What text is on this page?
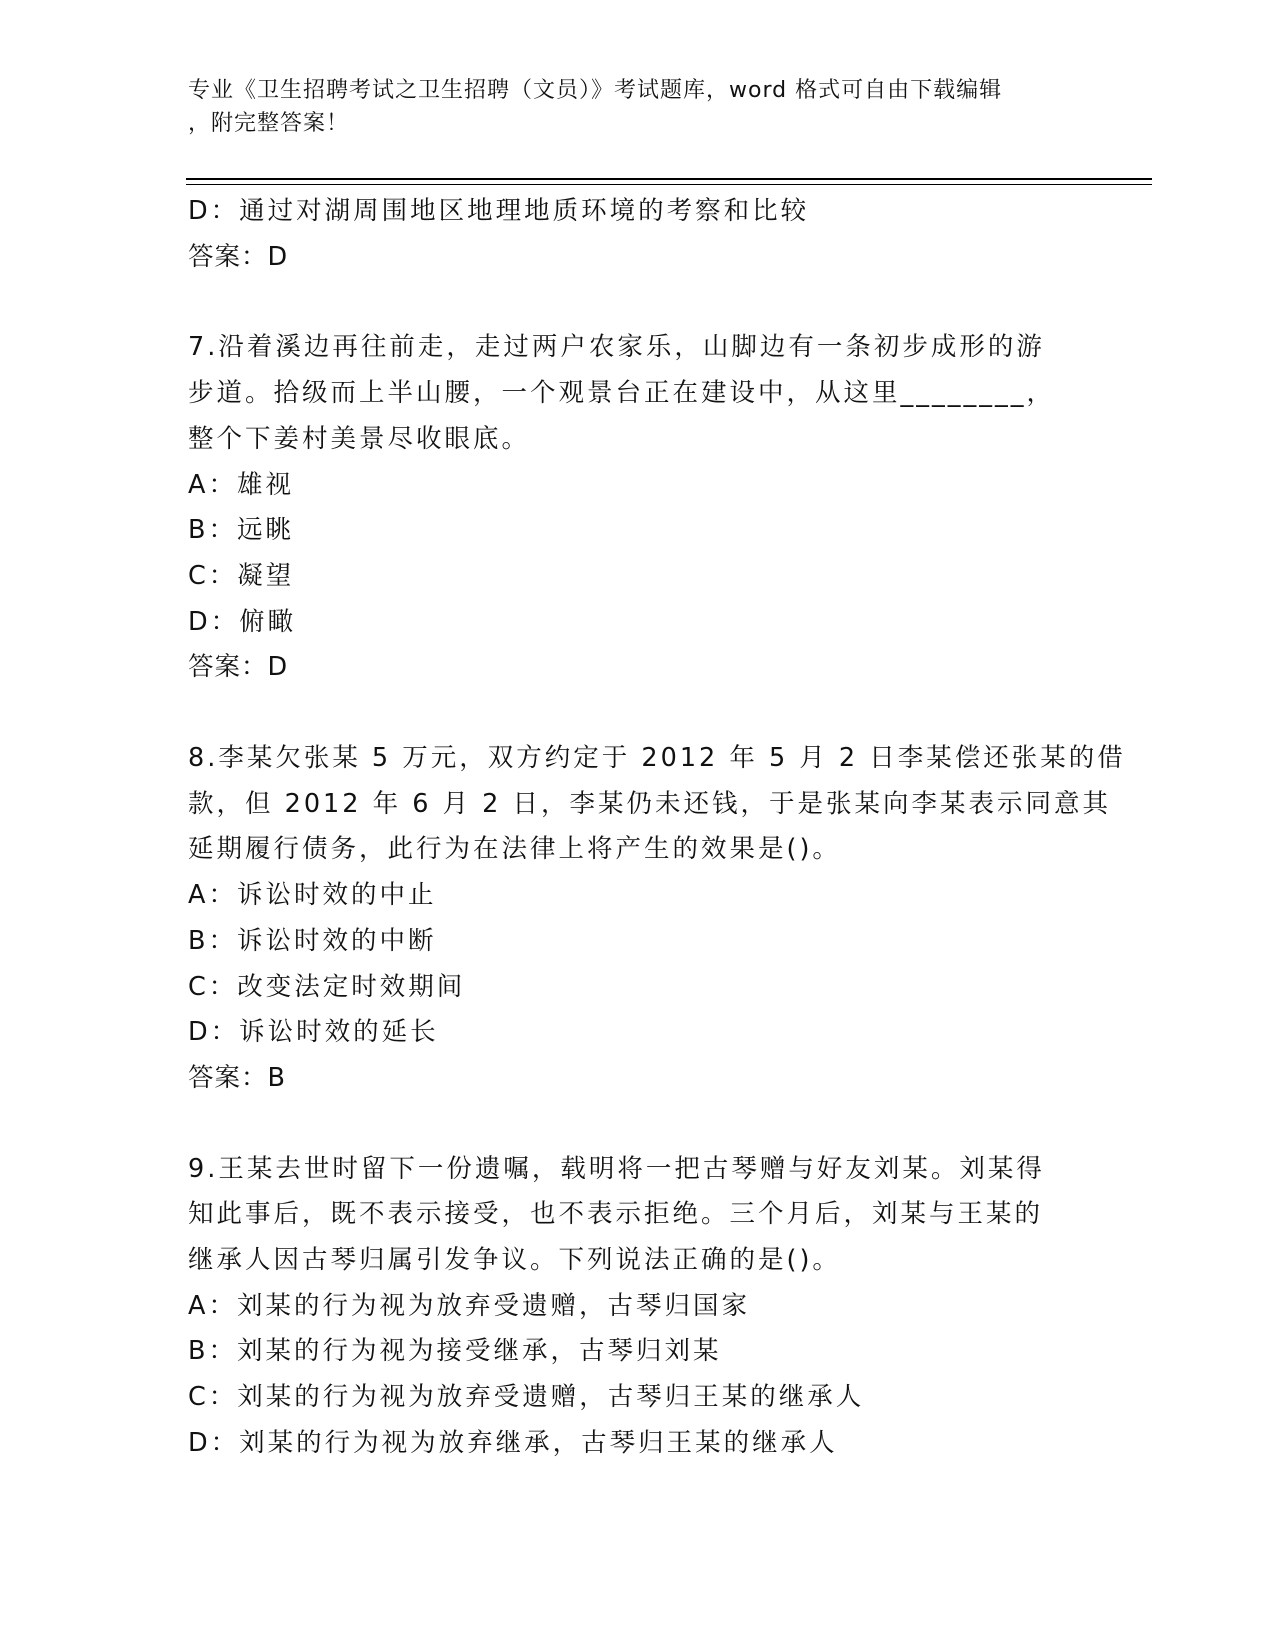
专业《卫生招聘考试之卫生招聘（文员）》考试题库，word 格式可自由下载编辑
，附完整答案！
D：通过对湖周围地区地理地质环境的考察和比较
答案：D
7.沿着溪边再往前走，走过两户农家乐，山脚边有一条初步成形的游
步道。拾级而上半山腰，一个观景台正在建设中，从这里________，
整个下姜村美景尽收眼底。
A：雄视
B：远眺
C：凝望
D：俯瞰
答案：D
8.李某欠张某 5 万元，双方约定于 2012 年 5 月 2 日李某偿还张某的借
款，但 2012 年 6 月 2 日，李某仍未还钱，于是张某向李某表示同意其
延期履行债务，此行为在法律上将产生的效果是()。
A：诉讼时效的中止
B：诉讼时效的中断
C：改变法定时效期间
D：诉讼时效的延长
答案：B
9.王某去世时留下一份遗嘱，载明将一把古琴赠与好友刘某。刘某得
知此事后，既不表示接受，也不表示拒绝。三个月后，刘某与王某的
继承人因古琴归属引发争议。下列说法正确的是()。
A：刘某的行为视为放弃受遗赠，古琴归国家
B：刘某的行为视为接受继承，古琴归刘某
C：刘某的行为视为放弃受遗赠，古琴归王某的继承人
D：刘某的行为视为放弃继承，古琴归王某的继承人
